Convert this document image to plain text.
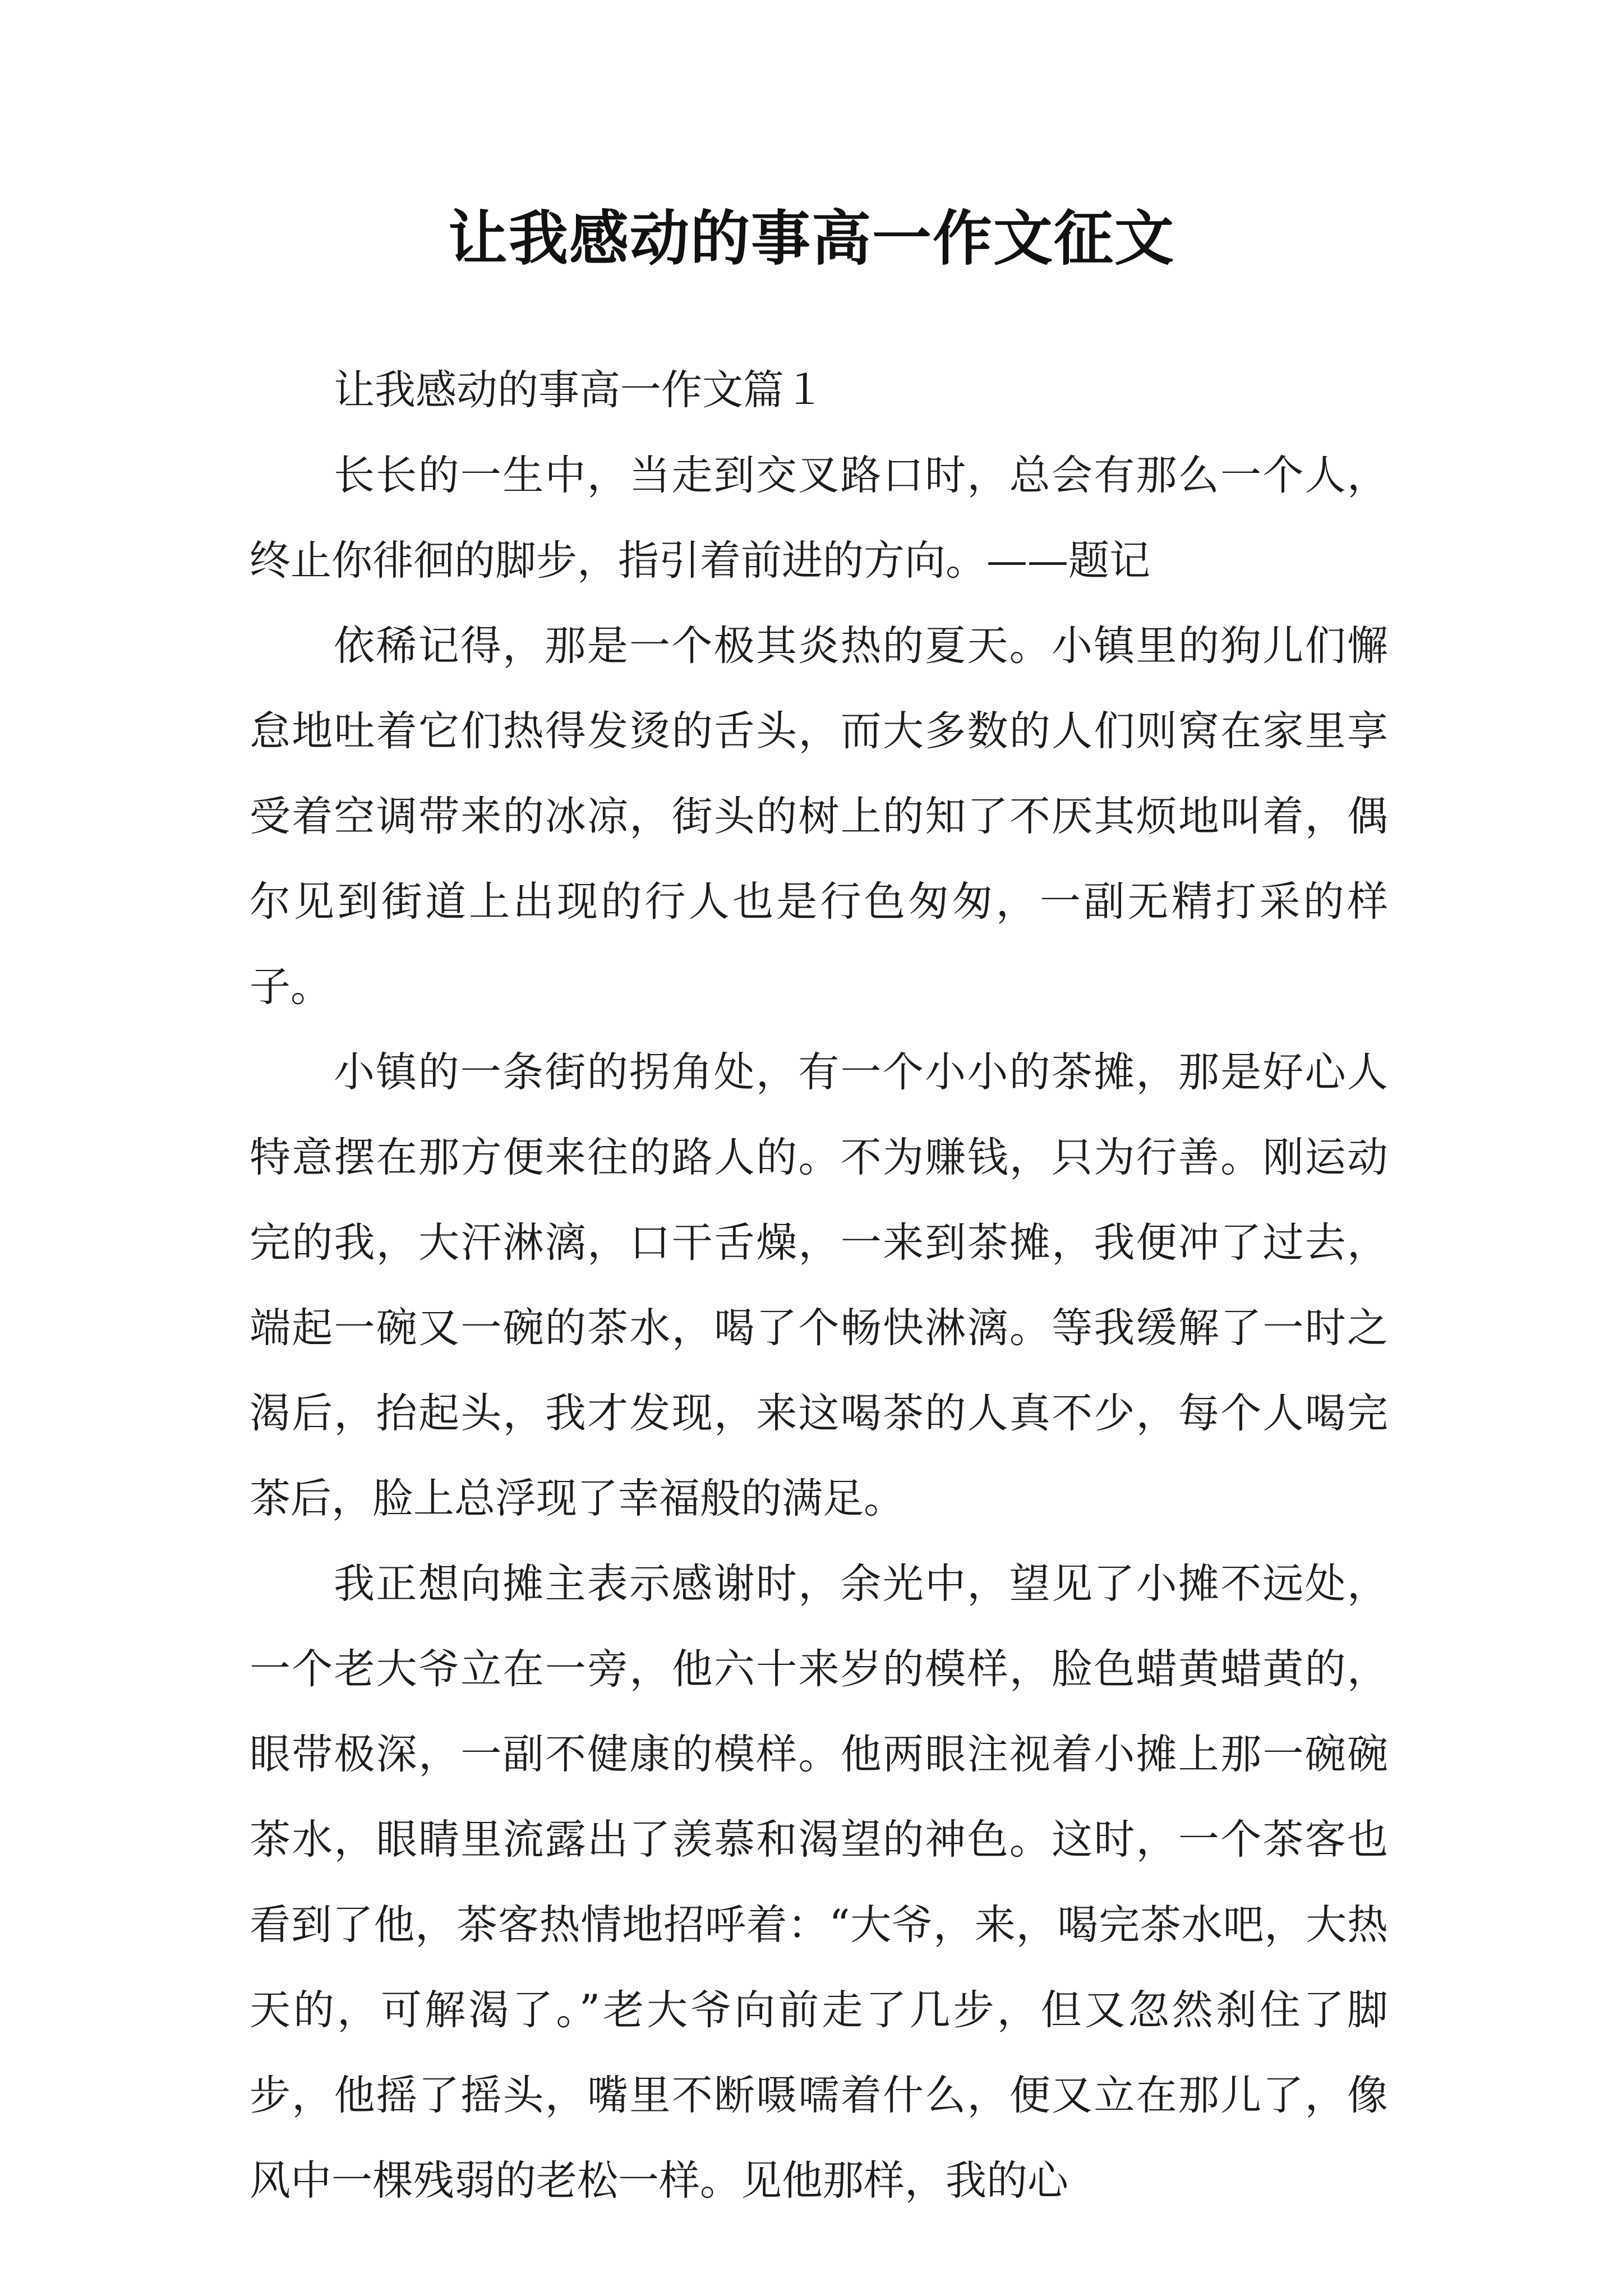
让我感动的事高一作文征文

让我感动的事高一作文篇１

长长的一生中，当走到交叉路口时，总会有那么一个人，终止你徘徊的脚步，指引着前进的方向。——题记

依稀记得，那是一个极其炎热的夏天。小镇里的狗儿们懈怠地吐着它们热得发烫的舌头，而大多数的人们则窝在家里享受着空调带来的冰凉，街头的树上的知了不厌其烦地叫着，偶尔见到街道上出现的行人也是行色匆匆，一副无精打采的样子。

小镇的一条街的拐角处，有一个小小的茶摊，那是好心人特意摆在那方便来往的路人的。不为赚钱，只为行善。刚运动完的我，大汗淋漓，口干舌燥，一来到茶摊，我便冲了过去，端起一碗又一碗的茶水，喝了个畅快淋漓。等我缓解了一时之渴后，抬起头，我才发现，来这喝茶的人真不少，每个人喝完茶后，脸上总浮现了幸福般的满足。

我正想向摊主表示感谢时，余光中，望见了小摊不远处，一个老大爷立在一旁，他六十来岁的模样，脸色蜡黄蜡黄的，眼带极深，一副不健康的模样。他两眼注视着小摊上那一碗碗茶水，眼睛里流露出了羡慕和渴望的神色。这时，一个茶客也看到了他，茶客热情地招呼着：“大爷，来，喝完茶水吧，大热天的，可解渴了。”老大爷向前走了几步，但又忽然刹住了脚步，他摇了摇头，嘴里不断嗫嚅着什么，便又立在那儿了，像风中一棵残弱的老松一样。见他那样，我的心
